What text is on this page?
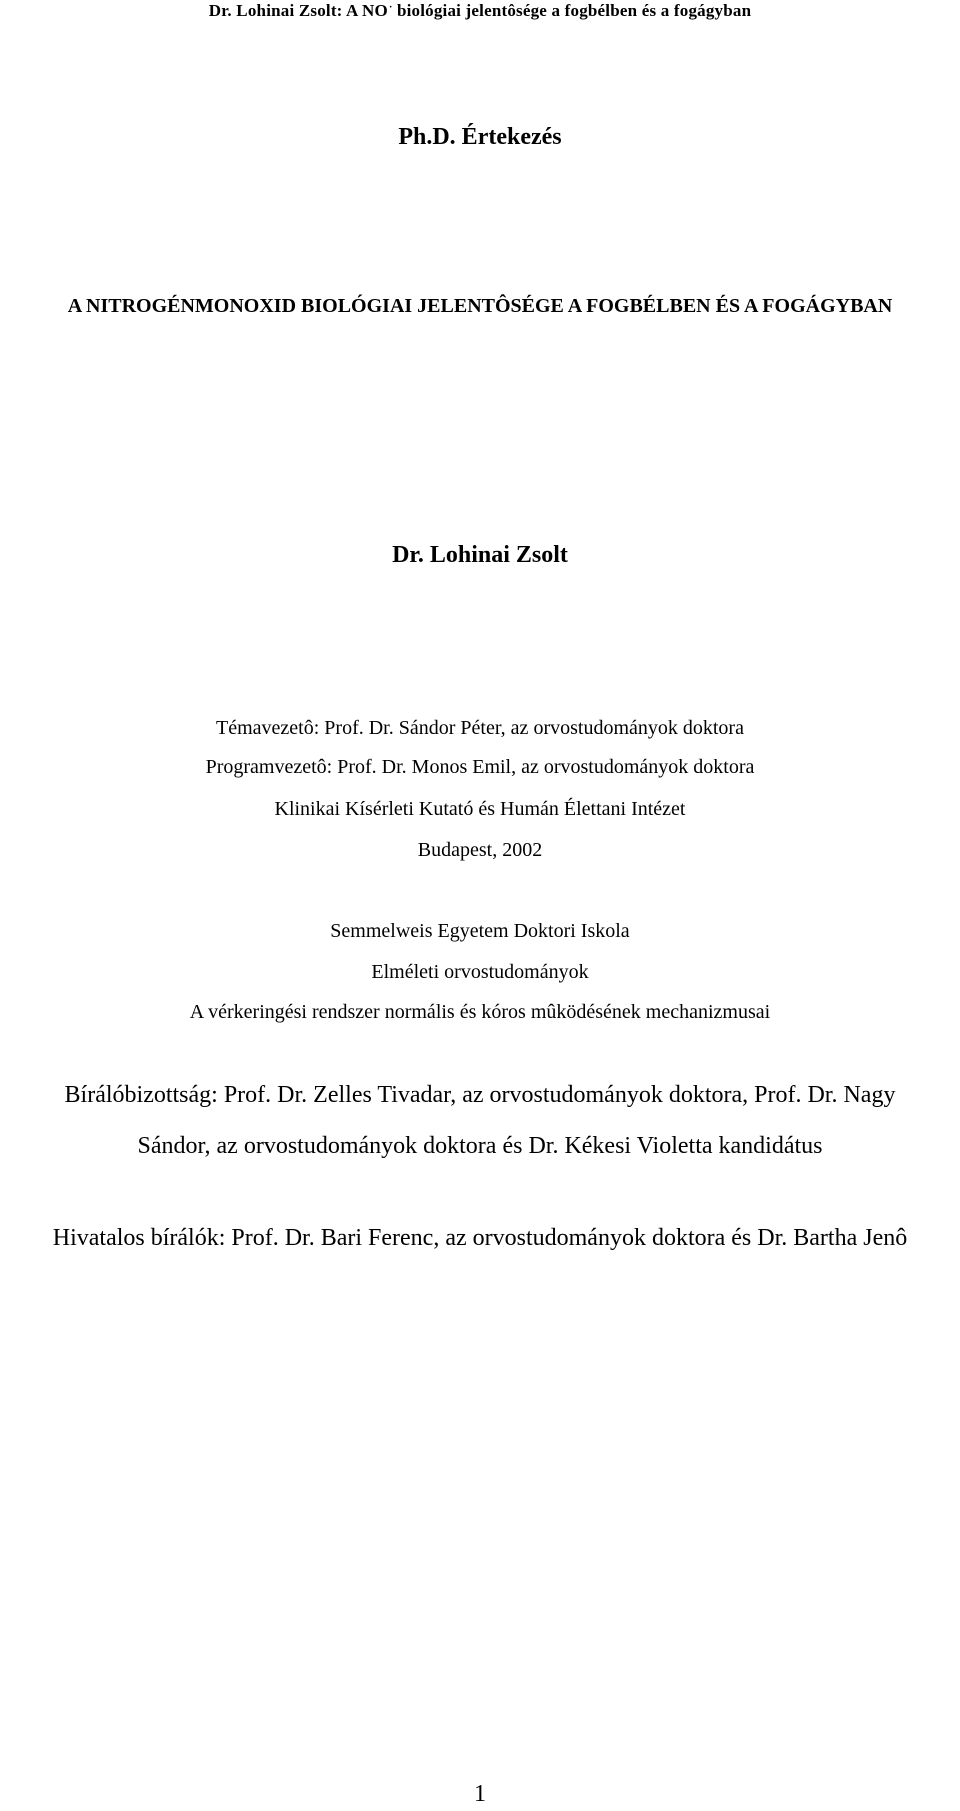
Dr. Lohinai Zsolt: A NO· biológiai jelentôsége a fogbélben és a fogágyban
Ph.D. Értekezés
A NITROGÉNMONOXID BIOLÓGIAI JELENTÔSÉGE A FOGBÉLBEN ÉS A FOGÁGYBAN
Dr. Lohinai Zsolt
Témavezetô: Prof. Dr. Sándor Péter, az orvostudományok doktora
Programvezetô: Prof. Dr. Monos Emil, az orvostudományok doktora
Klinikai Kísérleti Kutató és Humán Élettani Intézet
Budapest, 2002
Semmelweis Egyetem Doktori Iskola
Elméleti orvostudományok
A vérkeringési rendszer normális és kóros mûködésének mechanizmusai
Bírálóbizottság: Prof. Dr. Zelles Tivadar, az orvostudományok doktora, Prof. Dr. Nagy
Sándor, az orvostudományok doktora és Dr. Kékesi Violetta kandidátus
Hivatalos bírálók: Prof. Dr. Bari Ferenc, az orvostudományok doktora és Dr. Bartha Jenô
1
